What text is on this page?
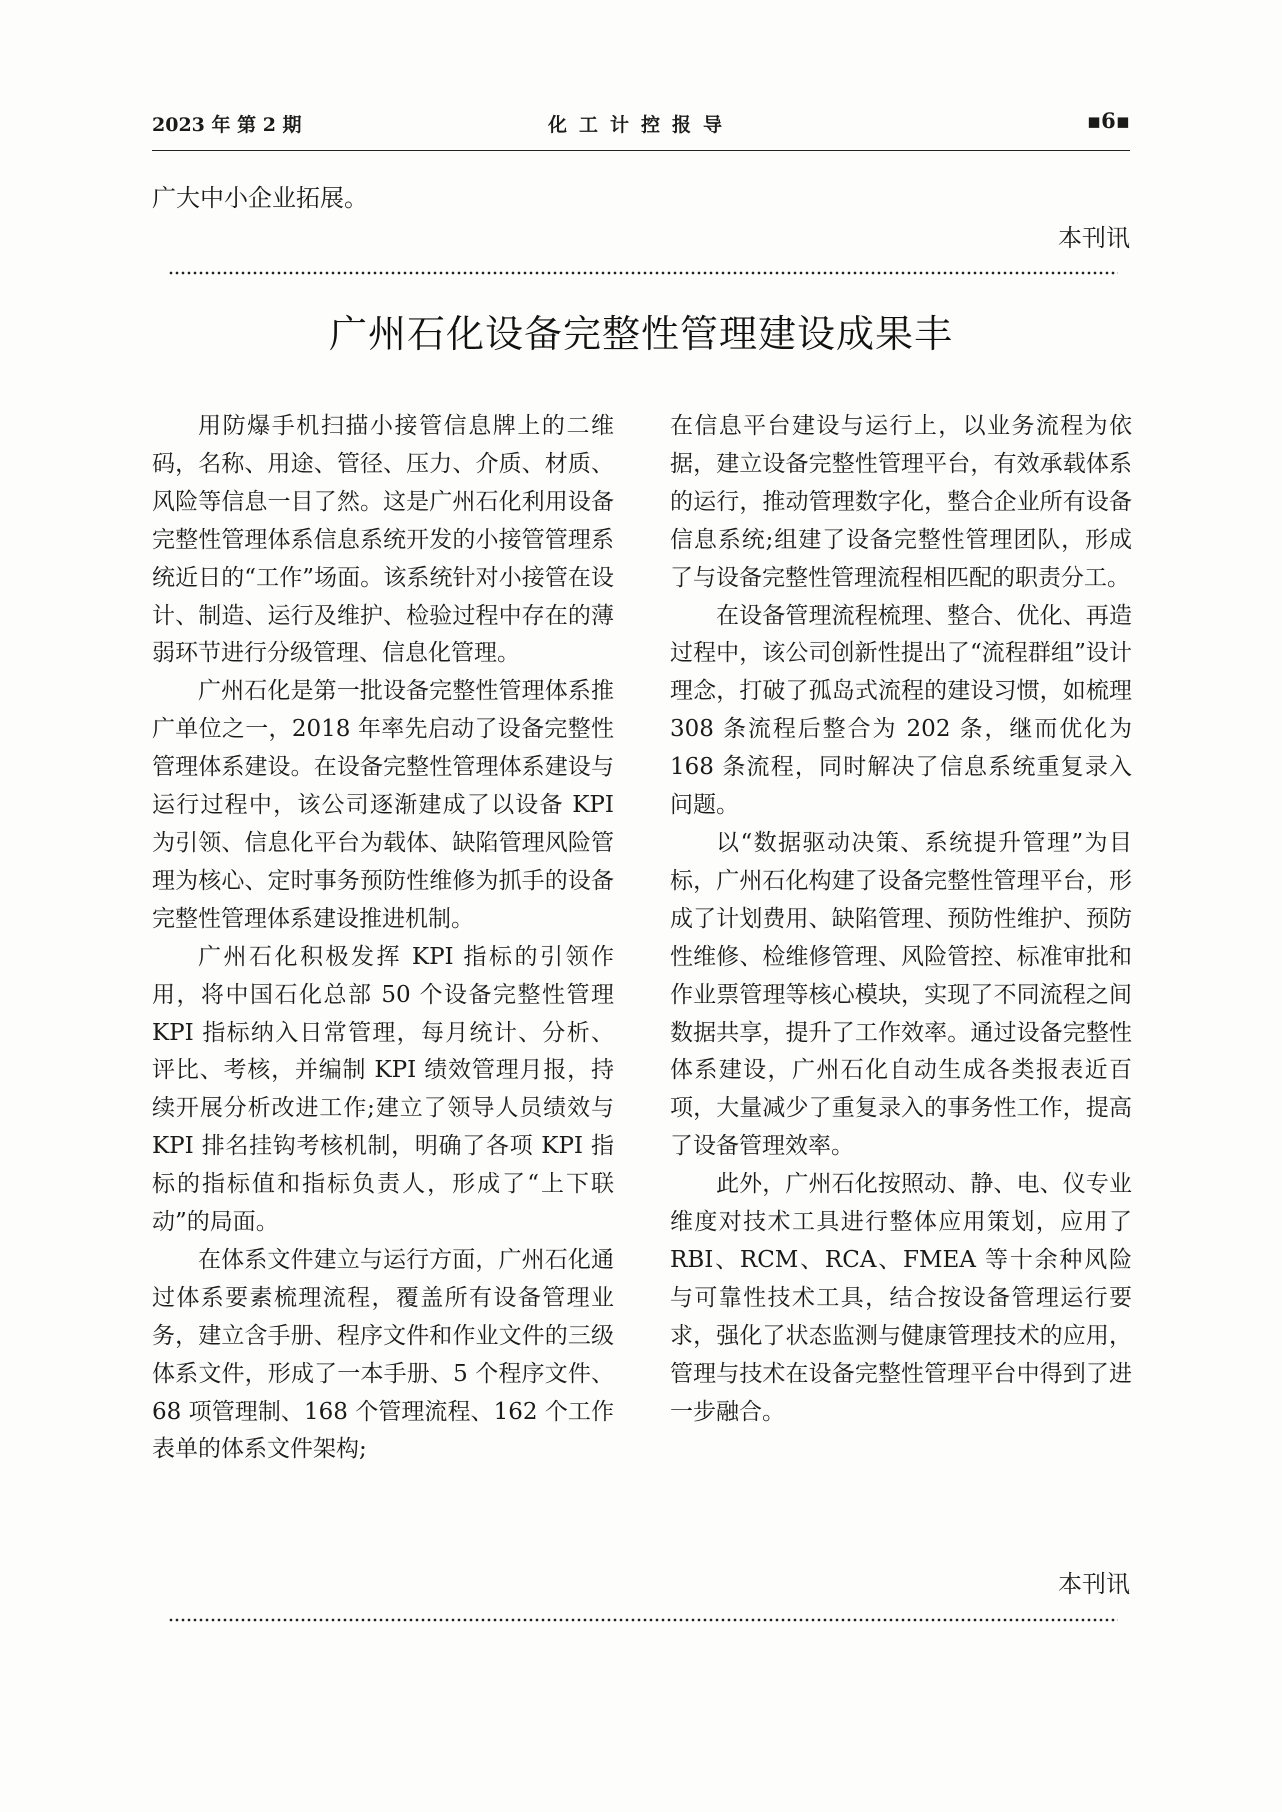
2023 年 第 2 期	化工计控报导	▪6▪
广大中小企业拓展。
本刊讯
广州石化设备完整性管理建设成果丰

用防爆手机扫描小接管信息牌上的二维码，名称、用途、管径、压力、介质、材质、风险等信息一目了然。这是广州石化利用设备完整性管理体系信息系统开发的小接管管理系统近日的“工作”场面。该系统针对小接管在设计、制造、运行及维护、检验过程中存在的薄弱环节进行分级管理、信息化管理。

广州石化是第一批设备完整性管理体系推广单位之一，2018 年率先启动了设备完整性管理体系建设。在设备完整性管理体系建设与运行过程中，该公司逐渐建成了以设备 KPI 为引领、信息化平台为载体、缺陷管理风险管理为核心、定时事务预防性维修为抓手的设备完整性管理体系建设推进机制。

广州石化积极发挥 KPI 指标的引领作用，将中国石化总部 50 个设备完整性管理 KPI 指标纳入日常管理，每月统计、分析、评比、考核，并编制 KPI 绩效管理月报，持续开展分析改进工作;建立了领导人员绩效与 KPI 排名挂钩考核机制，明确了各项 KPI 指标的指标值和指标负责人，形成了“上下联动”的局面。

在体系文件建立与运行方面，广州石化通过体系要素梳理流程，覆盖所有设备管理业务，建立含手册、程序文件和作业文件的三级体系文件，形成了一本手册、5 个程序文件、68 项管理制、168 个管理流程、162 个工作表单的体系文件架构;

在信息平台建设与运行上，以业务流程为依据，建立设备完整性管理平台，有效承载体系的运行，推动管理数字化，整合企业所有设备信息系统;组建了设备完整性管理团队，形成了与设备完整性管理流程相匹配的职责分工。

在设备管理流程梳理、整合、优化、再造过程中，该公司创新性提出了“流程群组”设计理念，打破了孤岛式流程的建设习惯，如梳理 308 条流程后整合为 202 条，继而优化为 168 条流程，同时解决了信息系统重复录入问题。

以“数据驱动决策、系统提升管理”为目标，广州石化构建了设备完整性管理平台，形成了计划费用、缺陷管理、预防性维护、预防性维修、检维修管理、风险管控、标准审批和作业票管理等核心模块，实现了不同流程之间数据共享，提升了工作效率。通过设备完整性体系建设，广州石化自动生成各类报表近百项，大量减少了重复录入的事务性工作，提高了设备管理效率。

此外，广州石化按照动、静、电、仪专业维度对技术工具进行整体应用策划，应用了 RBI、RCM、RCA、FMEA 等十余种风险与可靠性技术工具，结合按设备管理运行要求，强化了状态监测与健康管理技术的应用，管理与技术在设备完整性管理平台中得到了进一步融合。

本刊讯
